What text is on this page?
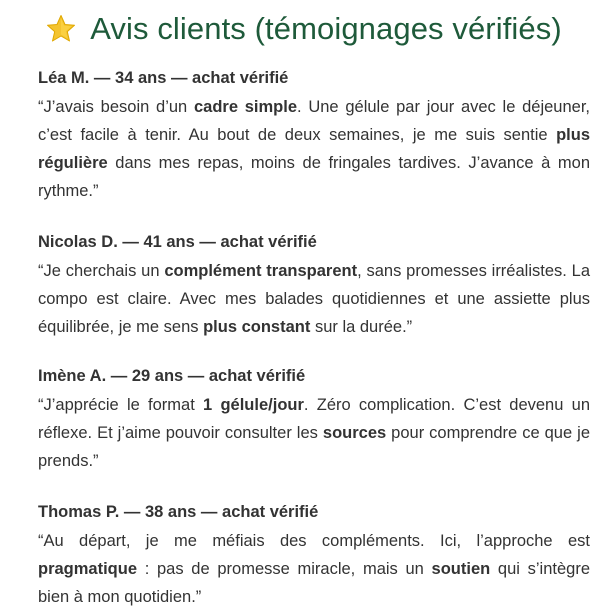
Avis clients (témoignages vérifiés)
Léa M. — 34 ans — achat vérifié

“J’avais besoin d’un cadre simple. Une gélule par jour avec le déjeuner, c’est facile à tenir. Au bout de deux semaines, je me suis sentie plus régulière dans mes repas, moins de fringales tardives. J’avance à mon rythme.”

Nicolas D. — 41 ans — achat vérifié

“Je cherchais un complément transparent, sans promesses irréalistes. La compo est claire. Avec mes balades quotidiennes et une assiette plus équilibrée, je me sens plus constant sur la durée.”

Imène A. — 29 ans — achat vérifié

“J’apprécie le format 1 gélule/jour. Zéro complication. C’est devenu un réflexe. Et j’aime pouvoir consulter les sources pour comprendre ce que je prends.”

Thomas P. — 38 ans — achat vérifié

“Au départ, je me méfiais des compléments. Ici, l’approche est pragmatique : pas de promesse miracle, mais un soutien qui s’intègre bien à mon quotidien.”
